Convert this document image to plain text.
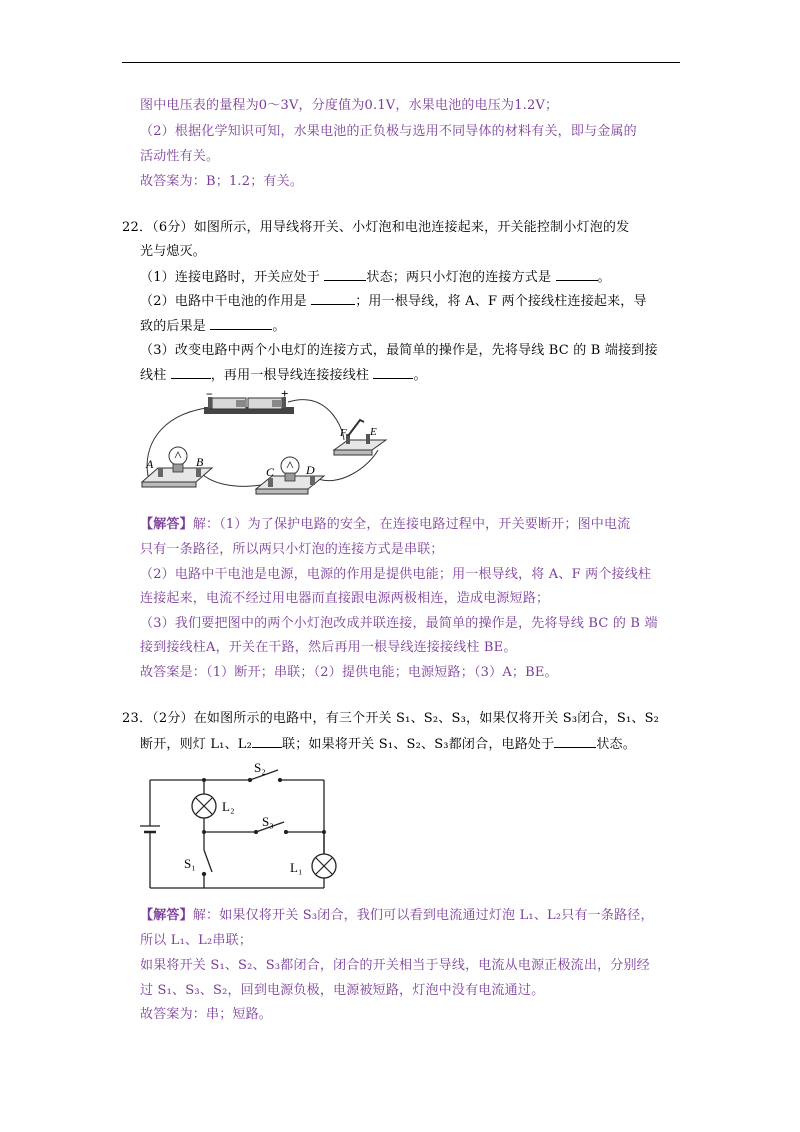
图中电压表的量程为0～3V，分度值为0.1V，水果电池的电压为1.2V；
（2）根据化学知识可知，水果电池的正负极与选用不同导体的材料有关，即与金属的
活动性有关。
故答案为：B；1.2；有关。
22．（6分）如图所示，用导线将开关、小灯泡和电池连接起来，开关能控制小灯泡的发
光与熄灭。
（1）连接电路时，开关应处于	状态；两只小灯泡的连接方式是	。
（2）电路中干电池的作用是	；用一根导线，将 A、F 两个接线柱连接起来，导
致的后果是	。
（3）改变电路中两个小电灯的连接方式，最简单的操作是，先将导线 BC 的 B 端接到接
线柱	，再用一根导线连接接线柱	。
−	+
A	B
C	D
F E
【解答】解：（1）为了保护电路的安全，在连接电路过程中，开关要断开；图中电流
只有一条路径，所以两只小灯泡的连接方式是串联；
（2）电路中干电池是电源，电源的作用是提供电能；用一根导线，将 A、F 两个接线柱
连接起来，电流不经过用电器而直接跟电源两极相连，造成电源短路；
（3）我们要把图中的两个小灯泡改成并联连接，最简单的操作是，先将导线 BC 的 B 端
接到接线柱A，开关在干路，然后再用一根导线连接接线柱 BE。
故答案是：（1）断开；串联；（2）提供电能；电源短路；（3）A；BE。
23．（2分）在如图所示的电路中，有三个开关 S₁、S₂、S₃，如果仅将开关 S₃闭合，S₁、S₂
断开，则灯 L₁、L₂ 联；如果将开关 S₁、S₂、S₃都闭合，电路处于	状态。
S₂
L₂
S₃
S₁	L₁
【解答】解：如果仅将开关 S₃闭合，我们可以看到电流通过灯泡 L₁、L₂只有一条路径，
所以 L₁、L₂串联；
如果将开关 S₁、S₂、S₃都闭合，闭合的开关相当于导线，电流从电源正极流出，分别经
过 S₁、S₃、S₂，回到电源负极，电源被短路，灯泡中没有电流通过。
故答案为：串；短路。
